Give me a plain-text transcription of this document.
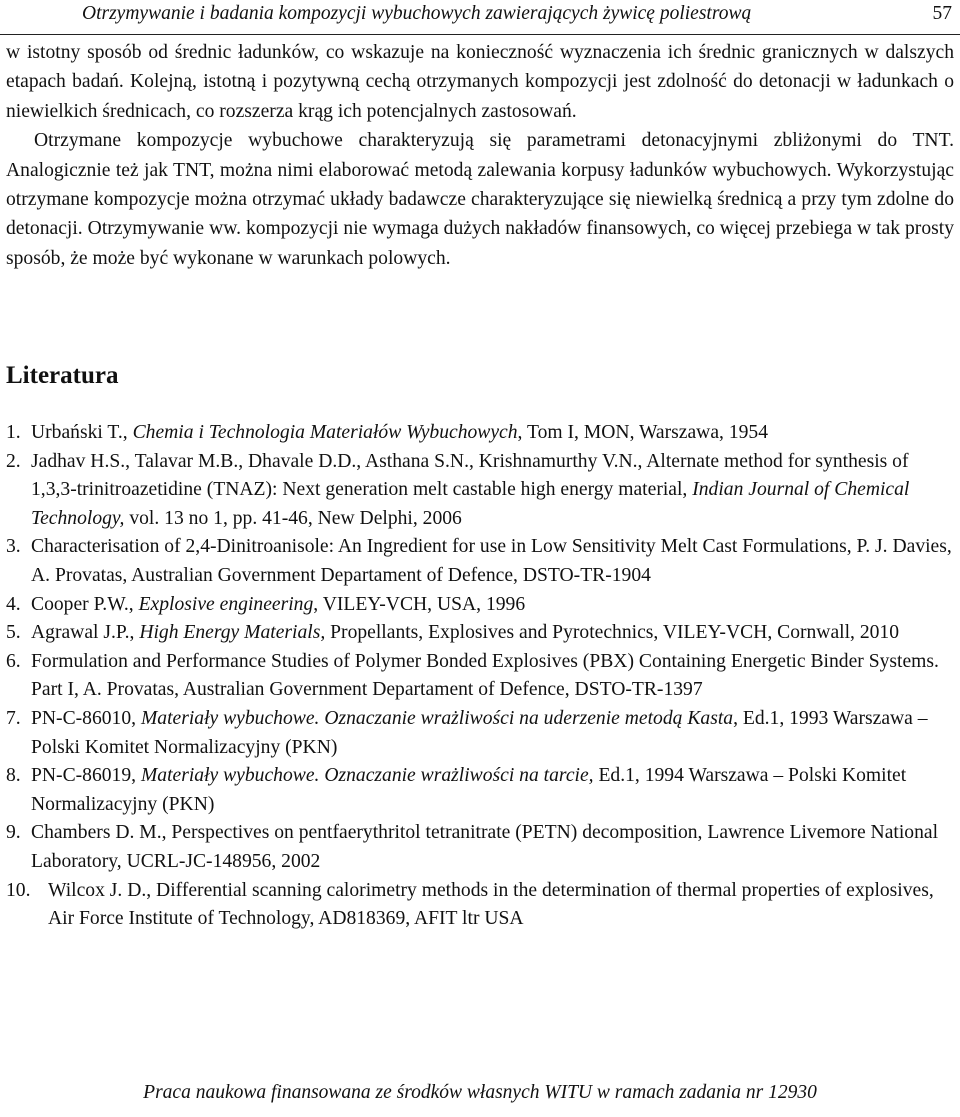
Otrzymywanie i badania kompozycji wybuchowych zawierających żywicę poliestrową	57

w istotny sposób od średnic ładunków, co wskazuje na konieczność wyznaczenia ich średnic granicznych w dalszych etapach badań. Kolejną, istotną i pozytywną cechą otrzymanych kompozycji jest zdolność do detonacji w ładunkach o niewielkich średnicach, co rozszerza krąg ich potencjalnych zastosowań.

Otrzymane kompozycje wybuchowe charakteryzują się parametrami detonacyjnymi zbliżonymi do TNT. Analogicznie też jak TNT, można nimi elaborować metodą zalewania korpusy ładunków wybuchowych. Wykorzystując otrzymane kompozycje można otrzymać układy badawcze charakteryzujące się niewielką średnicą a przy tym zdolne do detonacji. Otrzymywanie ww. kompozycji nie wymaga dużych nakładów finansowych, co więcej przebiega w tak prosty sposób, że może być wykonane w warunkach polowych.

Literatura
1. Urbański T., Chemia i Technologia Materiałów Wybuchowych, Tom I, MON, Warszawa, 1954
2. Jadhav H.S., Talavar M.B., Dhavale D.D., Asthana S.N., Krishnamurthy V.N., Alternate method for synthesis of 1,3,3-trinitroazetidine (TNAZ): Next generation melt castable high energy material, Indian Journal of Chemical Technology, vol. 13 no 1, pp. 41-46, New Delphi, 2006
3. Characterisation of 2,4-Dinitroanisole: An Ingredient for use in Low Sensitivity Melt Cast Formulations, P. J. Davies, A. Provatas, Australian Government Departament of Defence, DSTO-TR-1904
4. Cooper P.W., Explosive engineering, VILEY-VCH, USA, 1996
5. Agrawal J.P., High Energy Materials, Propellants, Explosives and Pyrotechnics, VILEY-VCH, Cornwall, 2010
6. Formulation and Performance Studies of Polymer Bonded Explosives (PBX) Containing Energetic Binder Systems. Part I, A. Provatas, Australian Government Departament of Defence, DSTO-TR-1397
7. PN-C-86010, Materiały wybuchowe. Oznaczanie wrażliwości na uderzenie metodą Kasta, Ed.1, 1993 Warszawa – Polski Komitet Normalizacyjny (PKN)
8. PN-C-86019, Materiały wybuchowe. Oznaczanie wrażliwości na tarcie, Ed.1, 1994 Warszawa – Polski Komitet Normalizacyjny (PKN)
9. Chambers D. M., Perspectives on pentfaerythritol tetranitrate (PETN) decomposition, Lawrence Livemore National Laboratory, UCRL-JC-148956, 2002
10. Wilcox J. D., Differential scanning calorimetry methods in the determination of thermal properties of explosives, Air Force Institute of Technology, AD818369, AFIT ltr USA
Praca naukowa finansowana ze środków własnych WITU w ramach zadania nr 12930
